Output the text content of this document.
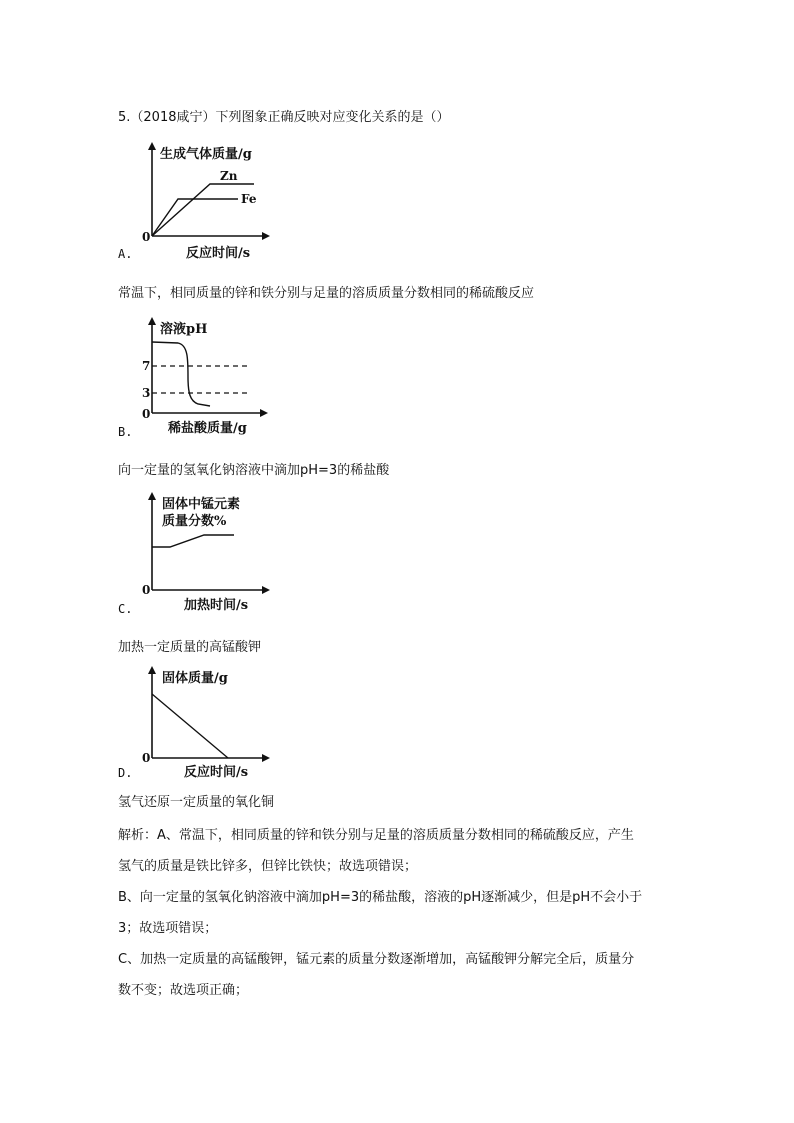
5.（2018咸宁）下列图象正确反映对应变化关系的是（）
生成气体质量/g
Zn
Fe
0
反应时间/s
A.
常温下，相同质量的锌和铁分别与足量的溶质质量分数相同的稀硫酸反应
溶液pH
7
3
0
稀盐酸质量/g
B.
向一定量的氢氧化钠溶液中滴加pH=3的稀盐酸
固体中锰元素
质量分数%
0
加热时间/s
C.
加热一定质量的高锰酸钾
固体质量/g
0
反应时间/s
D.
氢气还原一定质量的氧化铜
解析：A、常温下，相同质量的锌和铁分别与足量的溶质质量分数相同的稀硫酸反应，产生
氢气的质量是铁比锌多，但锌比铁快；故选项错误；
B、向一定量的氢氧化钠溶液中滴加pH=3的稀盐酸，溶液的pH逐渐减少，但是pH不会小于
3；故选项错误；
C、加热一定质量的高锰酸钾，锰元素的质量分数逐渐增加，高锰酸钾分解完全后，质量分
数不变；故选项正确；
